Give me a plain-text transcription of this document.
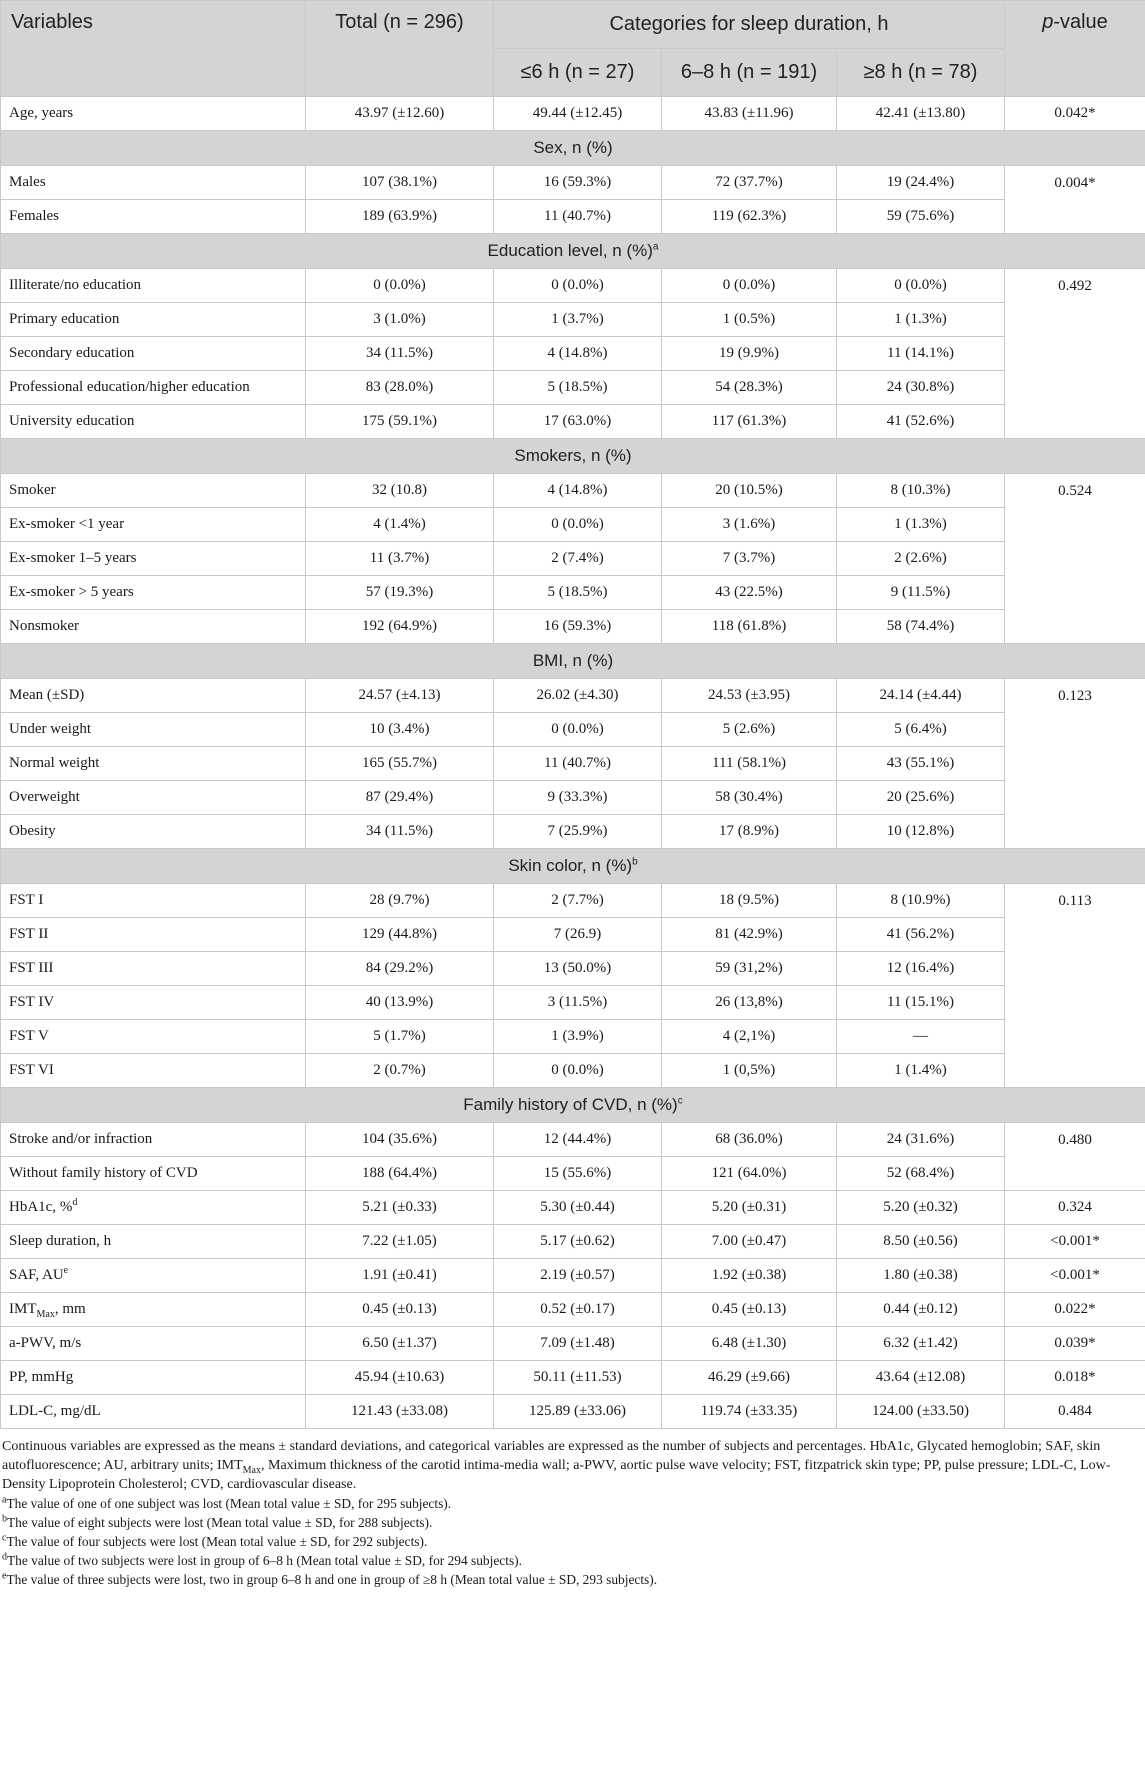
Variables	Total (n = 296)	Categories for sleep duration, h			p-value
		≤6 h (n = 27)	6–8 h (n = 191)	≥8 h (n = 78)	
Age, years	43.97 (±12.60)	49.44 (±12.45)	43.83 (±11.96)	42.41 (±13.80)	0.042*
Sex, n (%)					
Males	107 (38.1%)	16 (59.3%)	72 (37.7%)	19 (24.4%)	0.004*
Females	189 (63.9%)	11 (40.7%)	119 (62.3%)	59 (75.6%)	
Education level, n (%)$^a$
Illiterate/no education	0 (0.0%)	0 (0.0%)	0 (0.0%)	0 (0.0%)	0.492
Primary education	3 (1.0%)	1 (3.7%)	1 (0.5%)	1 (1.3%)	
Secondary education	34 (11.5%)	4 (14.8%)	19 (9.9%)	11 (14.1%)	
Professional education/higher education	83 (28.0%)	5 (18.5%)	54 (28.3%)	24 (30.8%)	
University education	175 (59.1%)	17 (63.0%)	117 (61.3%)	41 (52.6%)	
Smokers, n (%)					
Smoker	32 (10.8)	4 (14.8%)	20 (10.5%)	8 (10.3%)	0.524
Ex-smoker <1 year	4 (1.4%)	0 (0.0%)	3 (1.6%)	1 (1.3%)	
Ex-smoker 1–5 years	11 (3.7%)	2 (7.4%)	7 (3.7%)	2 (2.6%)	
Ex-smoker > 5 years	57 (19.3%)	5 (18.5%)	43 (22.5%)	9 (11.5%)	
Nonsmoker	192 (64.9%)	16 (59.3%)	118 (61.8%)	58 (74.4%)	
BMI, n (%)					
Mean (±SD)	24.57 (±4.13)	26.02 (±4.30)	24.53 (±3.95)	24.14 (±4.44)	0.123
Under weight	10 (3.4%)	0 (0.0%)	5 (2.6%)	5 (6.4%)	
Normal weight	165 (55.7%)	11 (40.7%)	111 (58.1%)	43 (55.1%)	
Overweight	87 (29.4%)	9 (33.3%)	58 (30.4%)	20 (25.6%)	
Obesity	34 (11.5%)	7 (25.9%)	17 (8.9%)	10 (12.8%)	
Skin color, n (%)$^b$
FST I	28 (9.7%)	2 (7.7%)	18 (9.5%)	8 (10.9%)	0.113
FST II	129 (44.8%)	7 (26.9)	81 (42.9%)	41 (56.2%)	
FST III	84 (29.2%)	13 (50.0%)	59 (31,2%)	12 (16.4%)	
FST IV	40 (13.9%)	3 (11.5%)	26 (13,8%)	11 (15.1%)	
FST V	5 (1.7%)	1 (3.9%)	4 (2,1%)	—	
FST VI	2 (0.7%)	0 (0.0%)	1 (0,5%)	1 (1.4%)	
Family history of CVD, n (%)$^c$
Stroke and/or infraction	104 (35.6%)	12 (44.4%)	68 (36.0%)	24 (31.6%)	0.480
Without family history of CVD	188 (64.4%)	15 (55.6%)	121 (64.0%)	52 (68.4%)	
HbA1c, %$^d$	5.21 (±0.33)	5.30 (±0.44)	5.20 (±0.31)	5.20 (±0.32)	0.324
Sleep duration, h	7.22 (±1.05)	5.17 (±0.62)	7.00 (±0.47)	8.50 (±0.56)	<0.001*
SAF, $AU^e$	1.91 (±0.41)	2.19 (±0.57)	1.92 (±0.38)	1.80 (±0.38)	<0.001*
$IMT_{Max}$, mm	0.45 (±0.13)	0.52 (±0.17)	0.45 (±0.13)	0.44 (±0.12)	0.022*
a-PWV, m/s	6.50 (±1.37)	7.09 (±1.48)	6.48 (±1.30)	6.32 (±1.42)	0.039*
PP, mmHg	45.94 (±10.63)	50.11 (±11.53)	46.29 (±9.66)	43.64 (±12.08)	0.018*
LDL-C, mg/dL	121.43 (±33.08)	125.89 (±33.06)	119.74 (±33.35)	124.00 (±33.50)	0.484

Continuous variables are expressed as the means ± standard deviations, and categorical variables are expressed as the number of subjects and percentages. HbA1c, Glycated hemoglobin; SAF, skin autofluorescence; AU, arbitrary units; $IMT_{Max}$, Maximum thickness of the carotid intima-media wall; a-PWV, aortic pulse wave velocity; FST, fitzpatrick skin type; PP, pulse pressure; LDL-C, Low-Density Lipoprotein Cholesterol; CVD, cardiovascular disease.

$^a$The value of one of one subject was lost (Mean total value ± SD, for 295 subjects).

$^b$The value of eight subjects were lost (Mean total value ± SD, for 288 subjects).

$^c$The value of four subjects were lost (Mean total value ± SD, for 292 subjects).

$^d$The value of two subjects were lost in group of 6–8 h (Mean total value ± SD, for 294 subjects).

$^e$The value of three subjects were lost, two in group 6–8 h and one in group of ≥8 h (Mean total value ± SD, 293 subjects).
